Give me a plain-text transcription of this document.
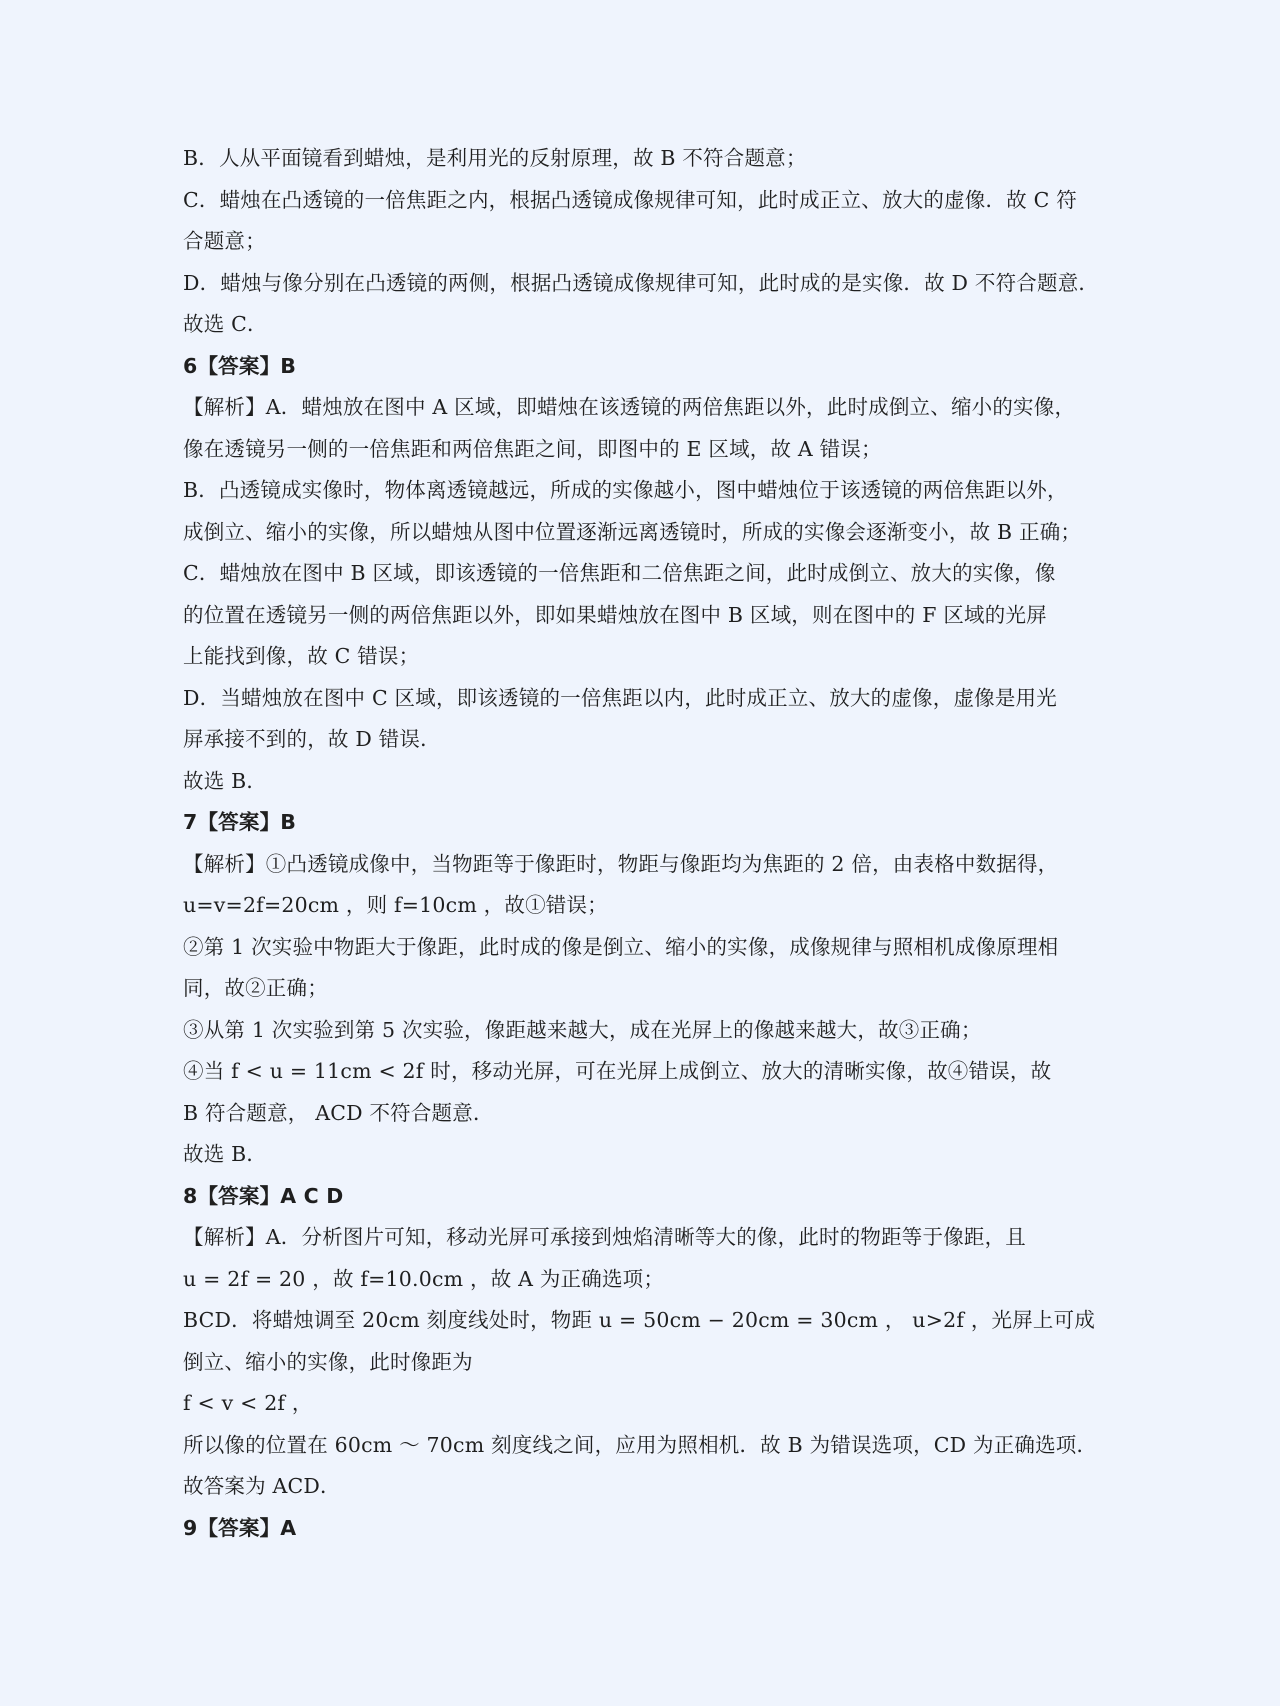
B．人从平面镜看到蜡烛，是利用光的反射原理，故 B 不符合题意；
C．蜡烛在凸透镜的一倍焦距之内，根据凸透镜成像规律可知，此时成正立、放大的虚像．故 C 符
合题意；
D．蜡烛与像分别在凸透镜的两侧，根据凸透镜成像规律可知，此时成的是实像．故 D 不符合题意．
故选 C．
6【答案】B
【解析】A．蜡烛放在图中 A 区域，即蜡烛在该透镜的两倍焦距以外，此时成倒立、缩小的实像，
像在透镜另一侧的一倍焦距和两倍焦距之间，即图中的 E 区域，故 A 错误；
B．凸透镜成实像时，物体离透镜越远，所成的实像越小，图中蜡烛位于该透镜的两倍焦距以外，
成倒立、缩小的实像，所以蜡烛从图中位置逐渐远离透镜时，所成的实像会逐渐变小，故 B 正确；
C．蜡烛放在图中 B 区域，即该透镜的一倍焦距和二倍焦距之间，此时成倒立、放大的实像，像
的位置在透镜另一侧的两倍焦距以外，即如果蜡烛放在图中 B 区域，则在图中的 F 区域的光屏
上能找到像，故 C 错误；
D．当蜡烛放在图中 C 区域，即该透镜的一倍焦距以内，此时成正立、放大的虚像，虚像是用光
屏承接不到的，故 D 错误．
故选 B．
7【答案】B
【解析】①凸透镜成像中，当物距等于像距时，物距与像距均为焦距的 2 倍，由表格中数据得，
u=v=2f=20cm ，则 f=10cm ，故①错误；
②第 1 次实验中物距大于像距，此时成的像是倒立、缩小的实像，成像规律与照相机成像原理相
同，故②正确；
③从第 1 次实验到第 5 次实验，像距越来越大，成在光屏上的像越来越大，故③正确；
④当 f < u = 11cm < 2f 时，移动光屏，可在光屏上成倒立、放大的清晰实像，故④错误，故
B 符合题意， ACD 不符合题意．
故选 B．
8【答案】A C D
【解析】A．分析图片可知，移动光屏可承接到烛焰清晰等大的像，此时的物距等于像距，且
u = 2f = 20 ，故 f=10.0cm ，故 A 为正确选项；
BCD．将蜡烛调至 20cm 刻度线处时，物距 u = 50cm − 20cm = 30cm ， u>2f ，光屏上可成
倒立、缩小的实像，此时像距为
f < v < 2f ，
所以像的位置在 60cm ～ 70cm 刻度线之间，应用为照相机．故 B 为错误选项，CD 为正确选项．
故答案为 ACD．
9【答案】A
